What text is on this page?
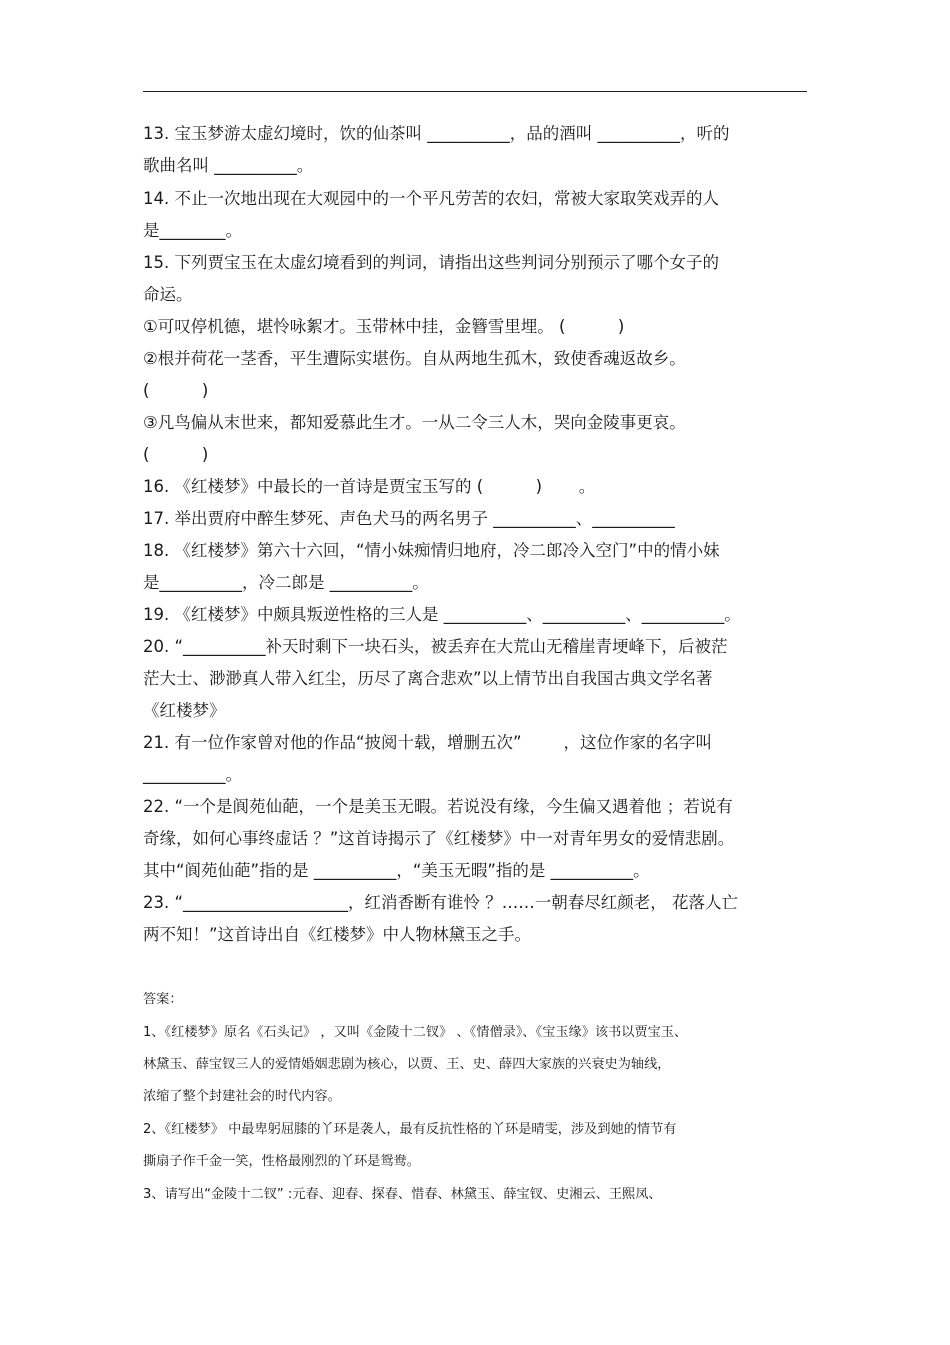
13. 宝玉梦游太虚幻境时，饮的仙茶叫 __________，品的酒叫 __________，听的
歌曲名叫 __________。
14. 不止一次地出现在大观园中的一个平凡劳苦的农妇，常被大家取笑戏弄的人
是________。
15. 下列贾宝玉在太虚幻境看到的判词，请指出这些判词分别预示了哪个女子的
命运。
①可叹停机德，堪怜咏絮才。玉带林中挂，金簪雪里埋。 (          )
②根并荷花一茎香，平生遭际实堪伤。自从两地生孤木，致使香魂返故乡。
(          )
③凡鸟偏从末世来，都知爱慕此生才。一从二令三人木，哭向金陵事更哀。
(          )
16. 《红楼梦》中最长的一首诗是贾宝玉写的 (          )       。
17. 举出贾府中醉生梦死、声色犬马的两名男子 __________、__________
18. 《红楼梦》第六十六回，“情小妹痴情归地府，冷二郎冷入空门”中的情小妹
是__________，冷二郎是 __________。
19. 《红楼梦》中颇具叛逆性格的三人是 __________、__________、__________。
20. “__________补天时剩下一块石头，被丢弃在大荒山无稽崖青埂峰下，后被茫
茫大士、渺渺真人带入红尘，历尽了离合悲欢”以上情节出自我国古典文学名著
《红楼梦》
21. 有一位作家曾对他的作品“披阅十载，增删五次”        ，这位作家的名字叫
__________。
22. “一个是阆苑仙葩，一个是美玉无暇。若说没有缘，今生偏又遇着他 ；若说有
奇缘，如何心事终虚话 ？”这首诗揭示了《红楼梦》中一对青年男女的爱情悲剧。
其中“阆苑仙葩”指的是 __________，“美玉无暇”指的是 __________。
23. “____________________，红消香断有谁怜 ？……一朝春尽红颜老， 花落人亡
两不知！”这首诗出自《红楼梦》中人物林黛玉之手。
答案：
1、《红楼梦》原名《石头记》 ，又叫《金陵十二钗》 、《情僧录》、《宝玉缘》该书以贾宝玉、
林黛玉、薛宝钗三人的爱情婚姻悲剧为核心，以贾、王、史、薛四大家族的兴衰史为轴线，
浓缩了整个封建社会的时代内容。
2、《红楼梦》 中最卑躬屈膝的丫环是袭人，最有反抗性格的丫环是晴雯，涉及到她的情节有
撕扇子作千金一笑，性格最刚烈的丫环是鸳鸯。
3、请写出“金陵十二钗” :元春、迎春、探春、惜春、林黛玉、薛宝钗、史湘云、王熙凤、
